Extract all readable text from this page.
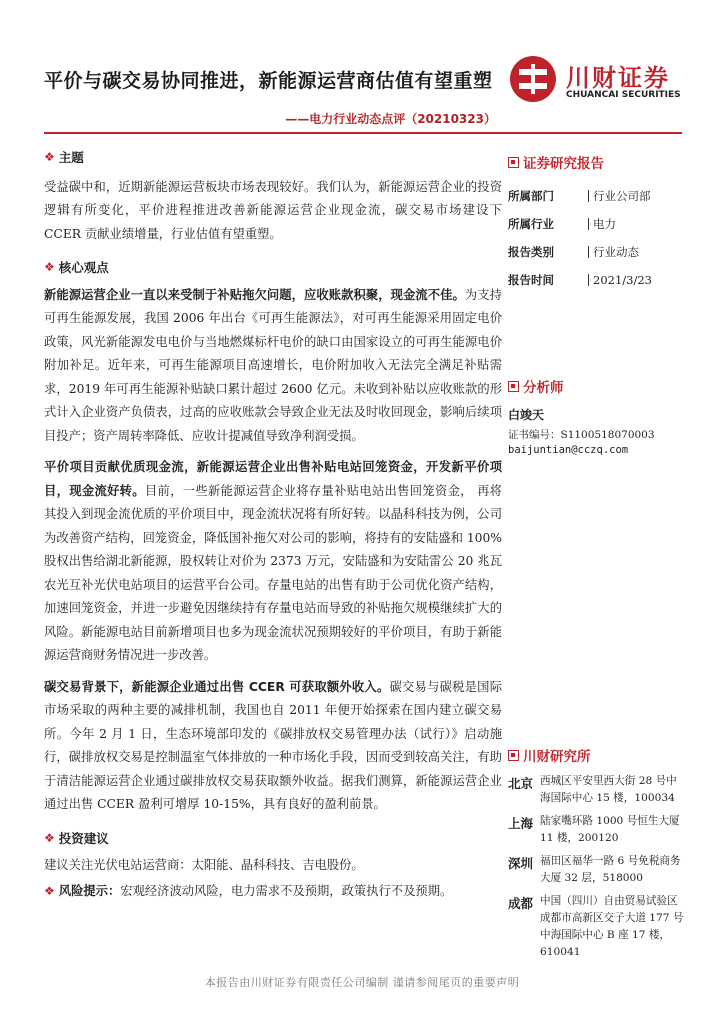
平价与碳交易协同推进，新能源运营商估值有望重塑
——电力行业动态点评（20210323）
川财证券
CHUANCAI SECURITIES
❖ 主题

受益碳中和，近期新能源运营板块市场表现较好。我们认为，新能源运营企业的投资逻辑有所变化，平价进程推进改善新能源运营企业现金流，碳交易市场建设下 CCER 贡献业绩增量，行业估值有望重塑。

❖ 核心观点

新能源运营企业一直以来受制于补贴拖欠问题，应收账款积聚，现金流不佳。为支持可再生能源发展，我国 2006 年出台《可再生能源法》，对可再生能源采用固定电价政策，风光新能源发电电价与当地燃煤标杆电价的缺口由国家设立的可再生能源电价附加补足。近年来，可再生能源项目高速增长，电价附加收入无法完全满足补贴需求，2019 年可再生能源补贴缺口累计超过 2600 亿元。未收到补贴以应收账款的形式计入企业资产负债表，过高的应收账款会导致企业无法及时收回现金，影响后续项目投产；资产周转率降低、应收计提减值导致净利润受损。

平价项目贡献优质现金流，新能源运营企业出售补贴电站回笼资金，开发新平价项目，现金流好转。目前，一些新能源运营企业将存量补贴电站出售回笼资金， 再将其投入到现金流优质的平价项目中，现金流状况将有所好转。以晶科科技为例，公司为改善资产结构，回笼资金，降低国补拖欠对公司的影响，将持有的安陆盛和 100%股权出售给湖北新能源，股权转让对价为 2373 万元，安陆盛和为安陆雷公 20 兆瓦农光互补光伏电站项目的运营平台公司。存量电站的出售有助于公司优化资产结构，加速回笼资金，并进一步避免因继续持有存量电站而导致的补贴拖欠规模继续扩大的风险。新能源电站目前新增项目也多为现金流状况预期较好的平价项目，有助于新能源运营商财务情况进一步改善。

碳交易背景下，新能源企业通过出售 CCER 可获取额外收入。碳交易与碳税是国际市场采取的两种主要的减排机制，我国也自 2011 年便开始探索在国内建立碳交易所。今年 2 月 1 日，生态环境部印发的《碳排放权交易管理办法（试行）》启动施行，碳排放权交易是控制温室气体排放的一种市场化手段，因而受到较高关注，有助于清洁能源运营企业通过碳排放权交易获取额外收益。据我们测算，新能源运营企业通过出售 CCER 盈利可增厚 10-15%，具有良好的盈利前景。

❖ 投资建议

建议关注光伏电站运营商：太阳能、晶科科技、吉电股份。

❖ 风险提示：宏观经济波动风险，电力需求不及预期，政策执行不及预期。
证券研究报告
所属部门	行业公司部
所属行业	电力
报告类别	行业动态
报告时间	2021/3/23
分析师
白竣天
证书编号：S1100518070003
baijuntian@cczq.com
川财研究所
北京 西城区平安里西大街 28 号中海国际中心 15 楼，100034
上海 陆家嘴环路 1000 号恒生大厦 11 楼，200120
深圳 福田区福华一路 6 号免税商务大厦 32 层，518000
成都 中国（四川）自由贸易试验区成都市高新区交子大道 177 号中海国际中心 B 座 17 楼，610041
本报告由川财证券有限责任公司编制 谨请参阅尾页的重要声明
